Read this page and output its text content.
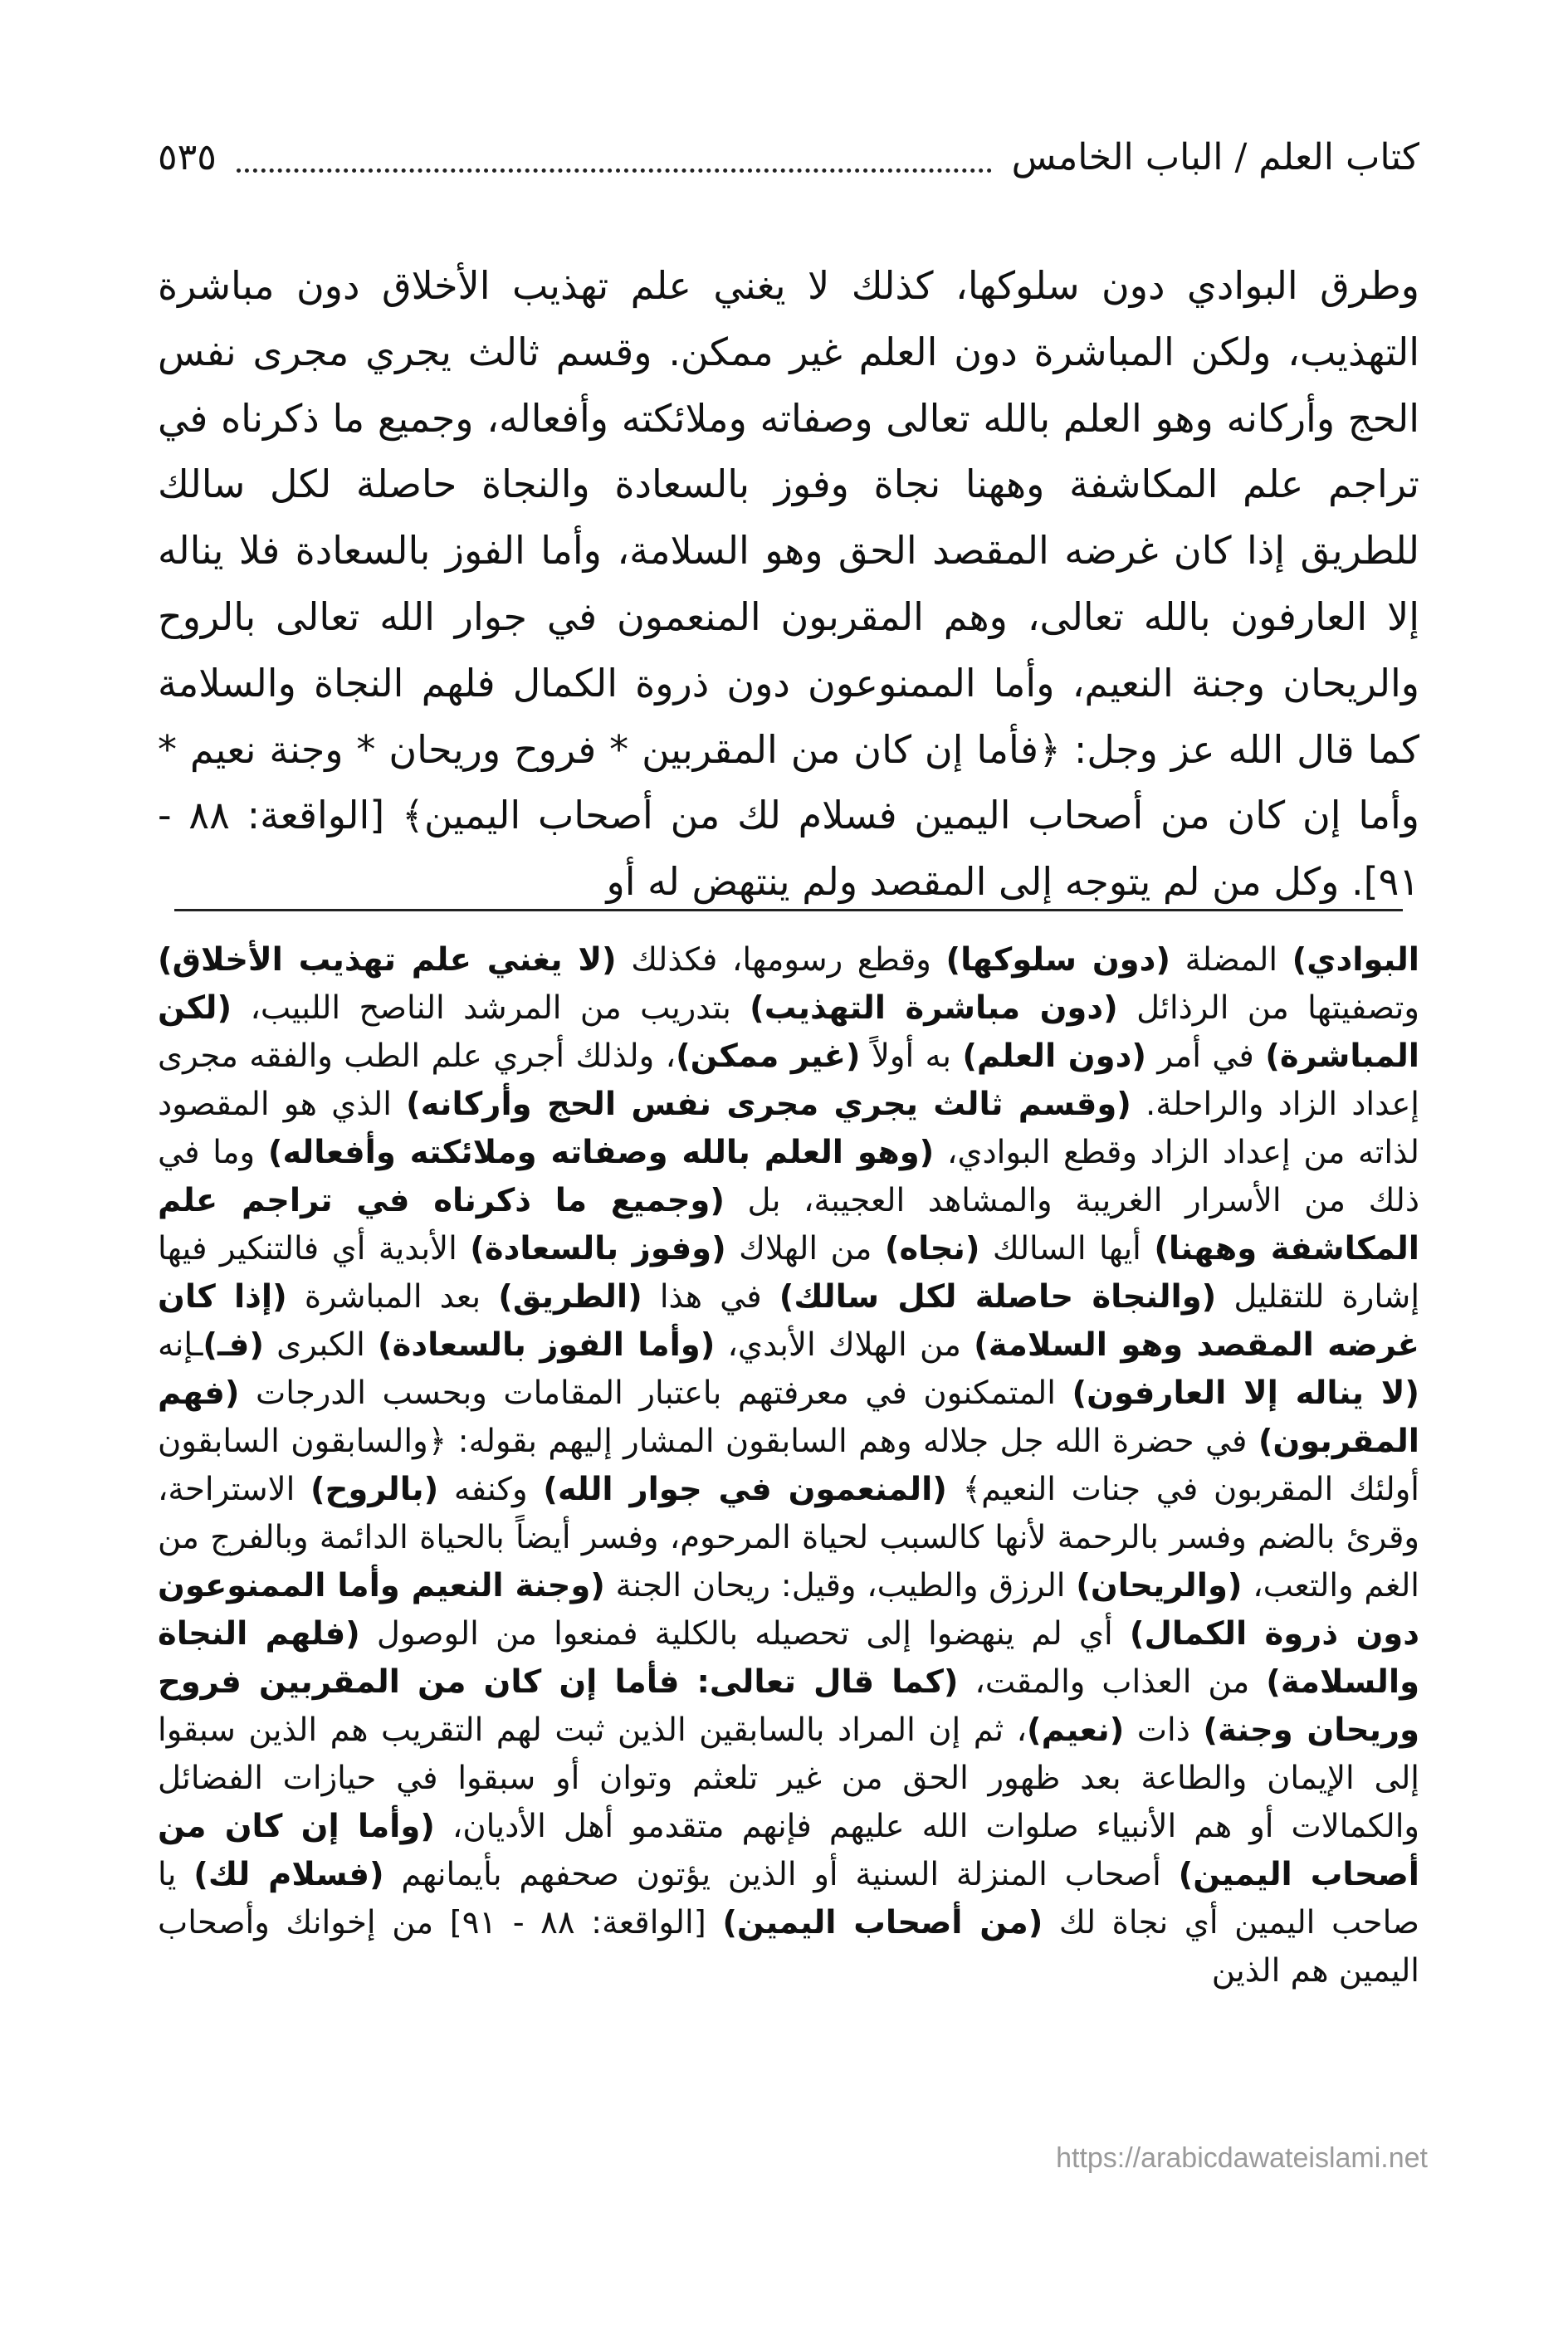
٥٣٥	كتاب العلم / الباب الخامس

وطرق البوادي دون سلوكها، كذلك لا يغني علم تهذيب الأخلاق دون مباشرة التهذيب، ولكن المباشرة دون العلم غير ممكن. وقسم ثالث يجري مجرى نفس الحج وأركانه وهو العلم بالله تعالى وصفاته وملائكته وأفعاله، وجميع ما ذكرناه في تراجم علم المكاشفة وههنا نجاة وفوز بالسعادة والنجاة حاصلة لكل سالك للطريق إذا كان غرضه المقصد الحق وهو السلامة، وأما الفوز بالسعادة فلا يناله إلا العارفون بالله تعالى، وهم المقربون المنعمون في جوار الله تعالى بالروح والريحان وجنة النعيم، وأما الممنوعون دون ذروة الكمال فلهم النجاة والسلامة كما قال الله عز وجل: ﴿فأما إن كان من المقربين * فروح وريحان * وجنة نعيم * وأما إن كان من أصحاب اليمين فسلام لك من أصحاب اليمين﴾ [الواقعة: ٨٨ - ٩١]. وكل من لم يتوجه إلى المقصد ولم ينتهض له أو

البوادي) المضلة (دون سلوكها) وقطع رسومها، فكذلك (لا يغني علم تهذيب الأخلاق) وتصفيتها من الرذائل (دون مباشرة التهذيب) بتدريب من المرشد الناصح اللبيب، (لكن المباشرة) في أمر (دون العلم) به أولاً (غير ممكن)، ولذلك أجري علم الطب والفقه مجرى إعداد الزاد والراحلة. (وقسم ثالث يجري مجرى نفس الحج وأركانه) الذي هو المقصود لذاته من إعداد الزاد وقطع البوادي، (وهو العلم بالله وصفاته وملائكته وأفعاله) وما في ذلك من الأسرار الغريبة والمشاهد العجيبة، بل (وجميع ما ذكرناه في تراجم علم المكاشفة وههنا) أيها السالك (نجاه) من الهلاك (وفوز بالسعادة) الأبدية أي فالتنكير فيها إشارة للتقليل (والنجاة حاصلة لكل سالك) في هذا (الطريق) بعد المباشرة (إذا كان غرضه المقصد وهو السلامة) من الهلاك الأبدي، (وأما الفوز بالسعادة) الكبرى (فـ)ـإنه (لا يناله إلا العارفون) المتمكنون في معرفتهم باعتبار المقامات وبحسب الدرجات (فهم المقربون) في حضرة الله جل جلاله وهم السابقون المشار إليهم بقوله: ﴿والسابقون السابقون أولئك المقربون في جنات النعيم﴾ (المنعمون في جوار الله) وكنفه (بالروح) الاستراحة، وقرئ بالضم وفسر بالرحمة لأنها كالسبب لحياة المرحوم، وفسر أيضاً بالحياة الدائمة وبالفرج من الغم والتعب، (والريحان) الرزق والطيب، وقيل: ريحان الجنة (وجنة النعيم وأما الممنوعون دون ذروة الكمال) أي لم ينهضوا إلى تحصيله بالكلية فمنعوا من الوصول (فلهم النجاة والسلامة) من العذاب والمقت، (كما قال تعالى: فأما إن كان من المقربين فروح وريحان وجنة) ذات (نعيم)، ثم إن المراد بالسابقين الذين ثبت لهم التقريب هم الذين سبقوا إلى الإيمان والطاعة بعد ظهور الحق من غير تلعثم وتوان أو سبقوا في حيازات الفضائل والكمالات أو هم الأنبياء صلوات الله عليهم فإنهم متقدمو أهل الأديان، (وأما إن كان من أصحاب اليمين) أصحاب المنزلة السنية أو الذين يؤتون صحفهم بأيمانهم (فسلام لك) يا صاحب اليمين أي نجاة لك (من أصحاب اليمين) [الواقعة: ٨٨ - ٩١] من إخوانك وأصحاب اليمين هم الذين

https://arabicdawateislami.net
